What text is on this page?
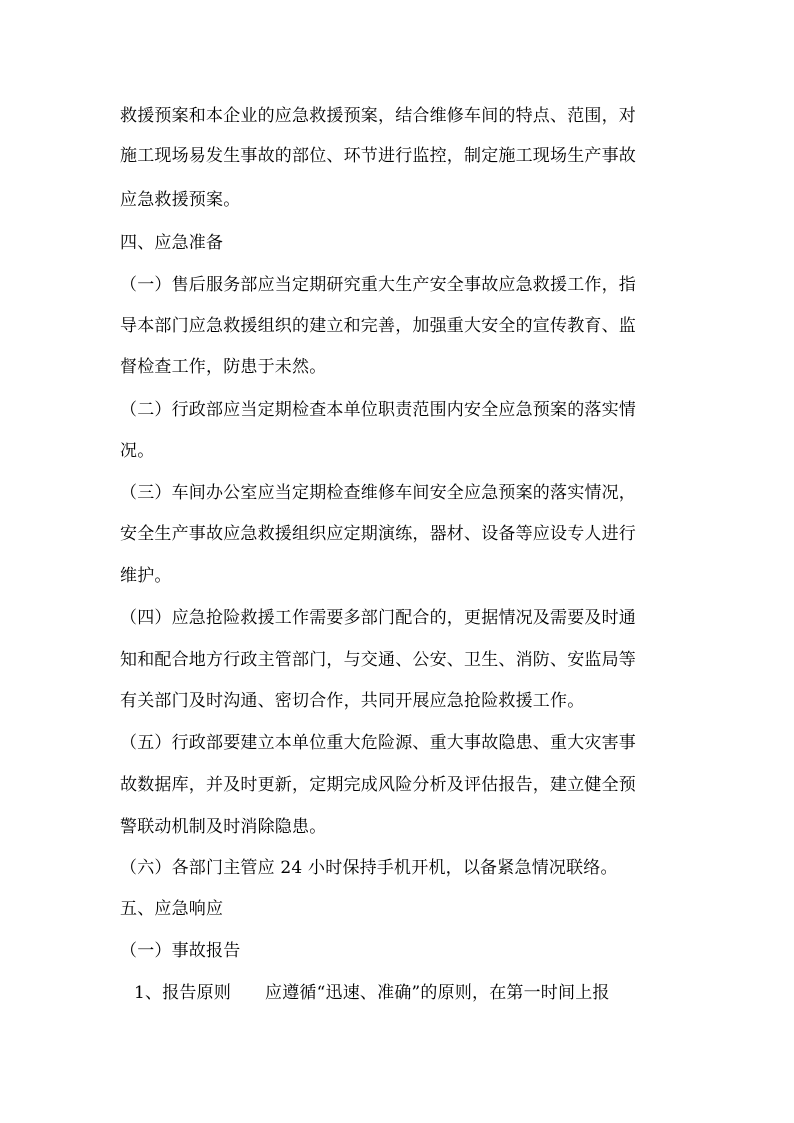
救援预案和本企业的应急救援预案，结合维修车间的特点、范围，对
施工现场易发生事故的部位、环节进行监控，制定施工现场生产事故
应急救援预案。
四、应急准备
（一）售后服务部应当定期研究重大生产安全事故应急救援工作，指
导本部门应急救援组织的建立和完善，加强重大安全的宣传教育、监
督检查工作，防患于未然。
（二）行政部应当定期检查本单位职责范围内安全应急预案的落实情
况。
（三）车间办公室应当定期检查维修车间安全应急预案的落实情况，
安全生产事故应急救援组织应定期演练，器材、设备等应设专人进行
维护。
（四）应急抢险救援工作需要多部门配合的，更据情况及需要及时通
知和配合地方行政主管部门，与交通、公安、卫生、消防、安监局等
有关部门及时沟通、密切合作，共同开展应急抢险救援工作。
（五）行政部要建立本单位重大危险源、重大事故隐患、重大灾害事
故数据库，并及时更新，定期完成风险分析及评估报告，建立健全预
警联动机制及时消除隐患。
（六）各部门主管应 24 小时保持手机开机，以备紧急情况联络。
五、应急响应
（一）事故报告
1、报告原则 应遵循“迅速、准确”的原则，在第一时间上报
